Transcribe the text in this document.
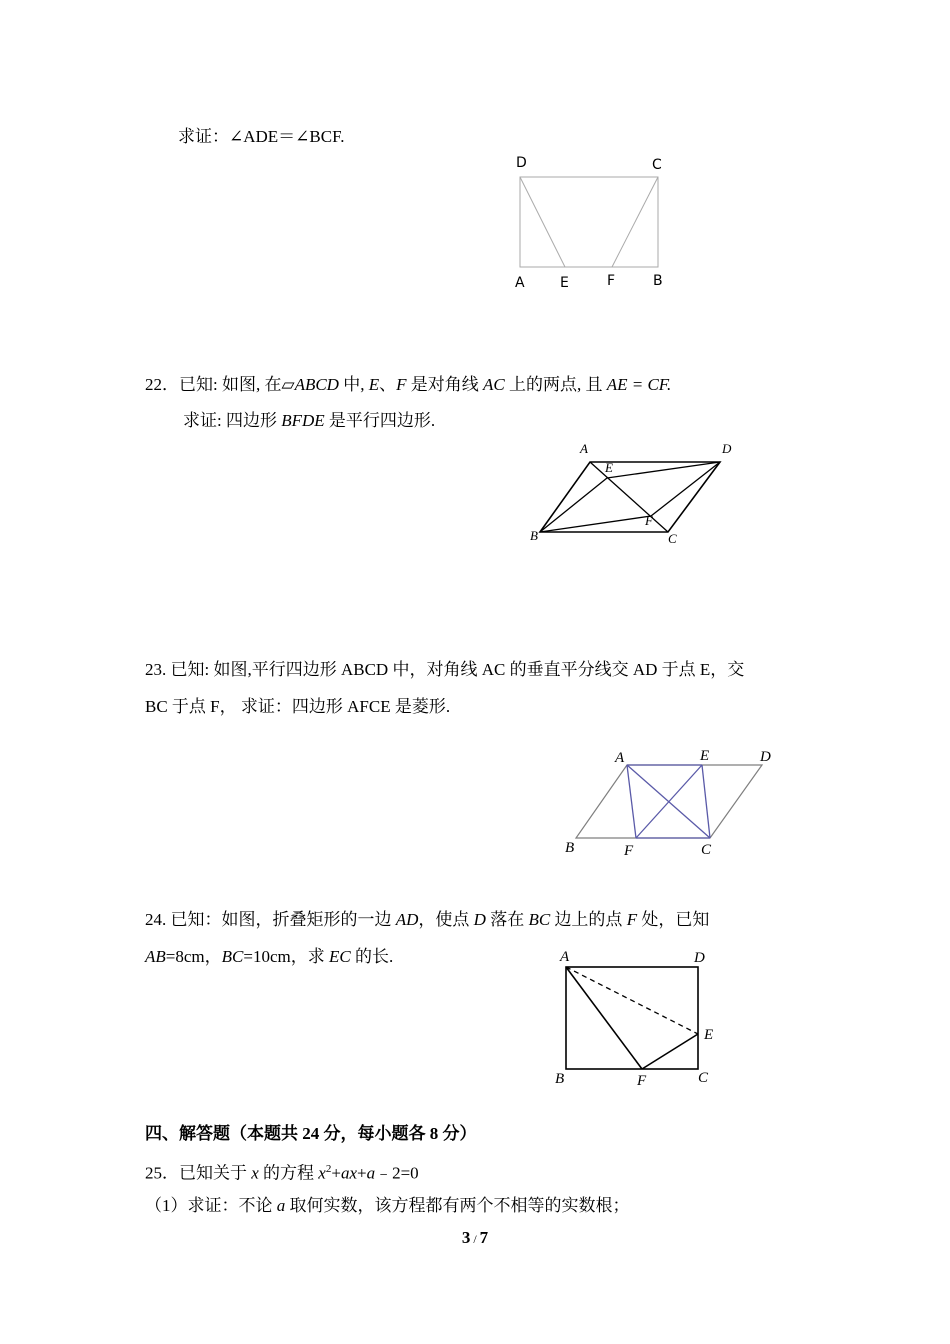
求证：∠ADE＝∠BCF.
D	C
A	E	F	B
22．已知: 如图, 在▱ABCD 中, E、F 是对角线 AC 上的两点, 且 AE = CF.
求证: 四边形 BFDE 是平行四边形.
A	D
E
F
B	C
23. 已知: 如图,平行四边形 ABCD 中，对角线 AC 的垂直平分线交 AD 于点 E，交
BC 于点 F， 求证：四边形 AFCE 是菱形.
A	E	D
B	F	C
24. 已知：如图，折叠矩形的一边 AD，使点 D 落在 BC 边上的点 F 处，已知
AB=8cm，BC=10cm，求 EC 的长.	A	D
E
B	F	C
四、解答题（本题共 24 分，每小题各 8 分）
25．已知关于 x 的方程 $x^2+ax+a﹣2=0$
（1）求证：不论 a 取何实数，该方程都有两个不相等的实数根；
3 / 7
